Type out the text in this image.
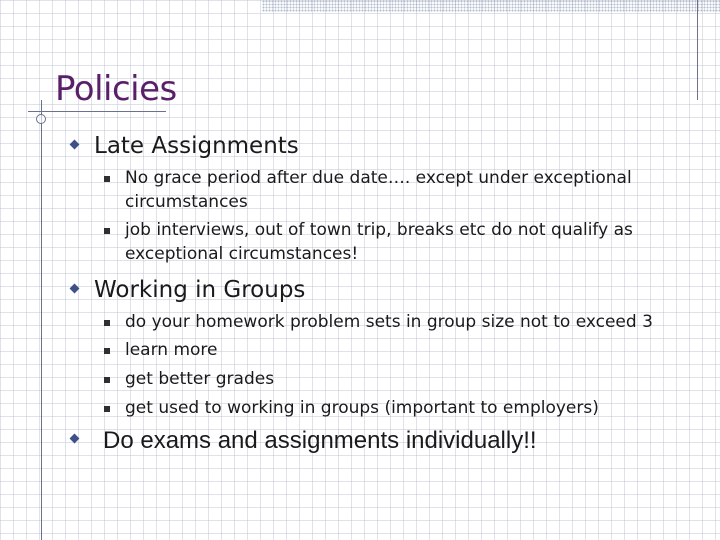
Policies
Late Assignments
No grace period after due date…. except under exceptional circumstances
job interviews, out of town trip, breaks etc do not qualify as exceptional circumstances!
Working in Groups
do your homework problem sets in group size not to exceed 3
learn more
get better grades
get used to working in groups (important to employers)
Do exams and assignments individually!!
